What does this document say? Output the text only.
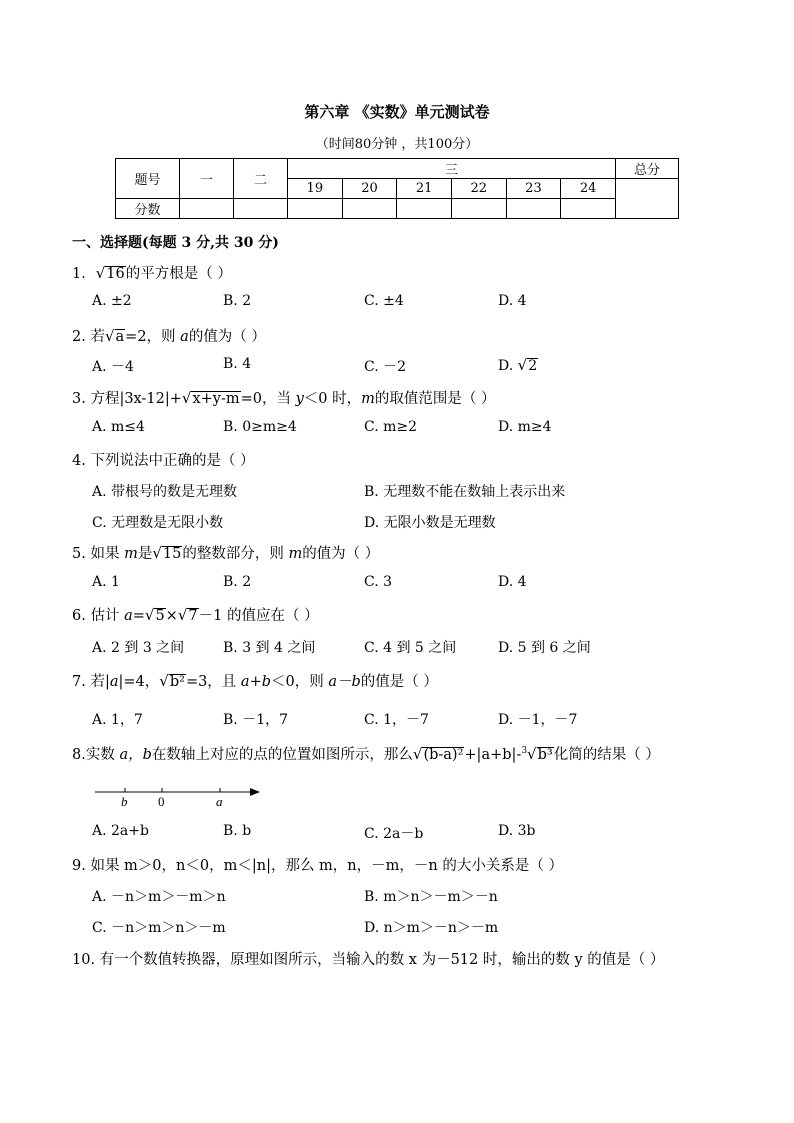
第六章 《实数》单元测试卷
（时间80分钟 ，共100分）
题号	一	二	三						总分
			19	20	21	22	23	24	
分数									
一、选择题(每题 3 分,共 30 分)
1．√16的平方根是（ ）
A. ±2	B. 2	C. ±4	D. 4
2. 若√a=2，则 a的值为（ ）
A. －4	B. 4	C. －2	D. √2
3. 方程|3x-12|+√x+y-m=0，当 y＜0 时，m的取值范围是（ ）
A. m≤4	B. 0≥m≥4	C. m≥2	D. m≥4
4. 下列说法中正确的是（ ）
A. 带根号的数是无理数	B. 无理数不能在数轴上表示出来
C. 无理数是无限小数	D. 无限小数是无理数
5. 如果 m是√15的整数部分，则 m的值为（ ）
A. 1	B. 2	C. 3	D. 4
6. 估计 a=√5×√7－1 的值应在（ ）
A. 2 到 3 之间	B. 3 到 4 之间	C. 4 到 5 之间	D. 5 到 6 之间
7. 若|a|=4，√b²=3，且 a+b＜0，则 a－b的值是（ ）
A. 1，7	B. －1，7	C. 1，－7	D. －1，－7
8.实数 a，b在数轴上对应的点的位置如图所示，那么√(b-a)²+|a+b|-$^3$√b³化简的结果（ ）
b 0	a
A. 2a+b	B. b	C. 2a－b	D. 3b
9. 如果 m＞0，n＜0，m＜|n|，那么 m，n，－m，－n 的大小关系是（ ）
A. －n＞m＞－m＞n	B. m＞n＞－m＞－n
C. －n＞m＞n＞－m	D. n＞m＞－n＞－m
10. 有一个数值转换器，原理如图所示，当输入的数 x 为－512 时，输出的数 y 的值是（ ）
